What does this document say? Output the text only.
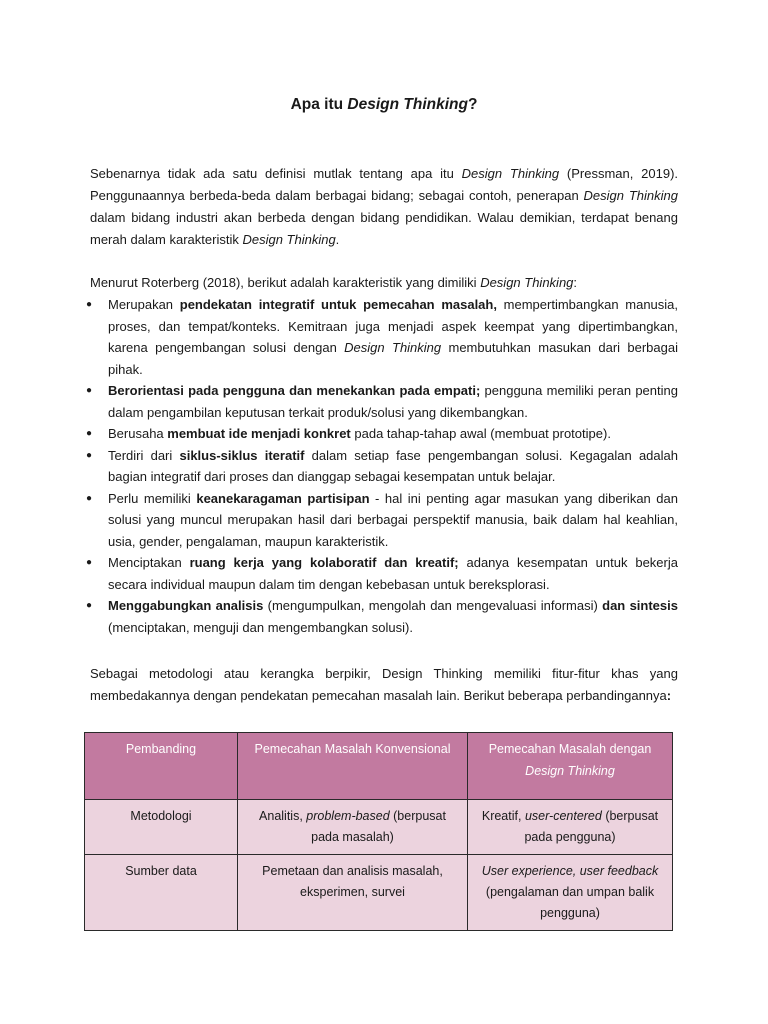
Apa itu Design Thinking?
Sebenarnya tidak ada satu definisi mutlak tentang apa itu Design Thinking (Pressman, 2019). Penggunaannya berbeda-beda dalam berbagai bidang; sebagai contoh, penerapan Design Thinking dalam bidang industri akan berbeda dengan bidang pendidikan. Walau demikian, terdapat benang merah dalam karakteristik Design Thinking.
Menurut Roterberg (2018), berikut adalah karakteristik yang dimiliki Design Thinking:
● Merupakan pendekatan integratif untuk pemecahan masalah, mempertimbangkan manusia, proses, dan tempat/konteks. Kemitraan juga menjadi aspek keempat yang dipertimbangkan, karena pengembangan solusi dengan Design Thinking membutuhkan masukan dari berbagai pihak.
● Berorientasi pada pengguna dan menekankan pada empati; pengguna memiliki peran penting dalam pengambilan keputusan terkait produk/solusi yang dikembangkan.
● Berusaha membuat ide menjadi konkret pada tahap-tahap awal (membuat prototipe).
● Terdiri dari siklus-siklus iteratif dalam setiap fase pengembangan solusi. Kegagalan adalah bagian integratif dari proses dan dianggap sebagai kesempatan untuk belajar.
● Perlu memiliki keanekaragaman partisipan - hal ini penting agar masukan yang diberikan dan solusi yang muncul merupakan hasil dari berbagai perspektif manusia, baik dalam hal keahlian, usia, gender, pengalaman, maupun karakteristik.
● Menciptakan ruang kerja yang kolaboratif dan kreatif; adanya kesempatan untuk bekerja secara individual maupun dalam tim dengan kebebasan untuk bereksplorasi.
● Menggabungkan analisis (mengumpulkan, mengolah dan mengevaluasi informasi) dan sintesis (menciptakan, menguji dan mengembangkan solusi).
Sebagai metodologi atau kerangka berpikir, Design Thinking memiliki fitur-fitur khas yang membedakannya dengan pendekatan pemecahan masalah lain. Berikut beberapa perbandingannya:
Pembanding	Pemecahan Masalah Konvensional	Pemecahan Masalah dengan Design Thinking
Metodologi	Analitis, problem-based (berpusat pada masalah)	Kreatif, user-centered (berpusat pada pengguna)
Sumber data	Pemetaan dan analisis masalah, eksperimen, survei	User experience, user feedback
(pengalaman dan umpan balik pengguna)
